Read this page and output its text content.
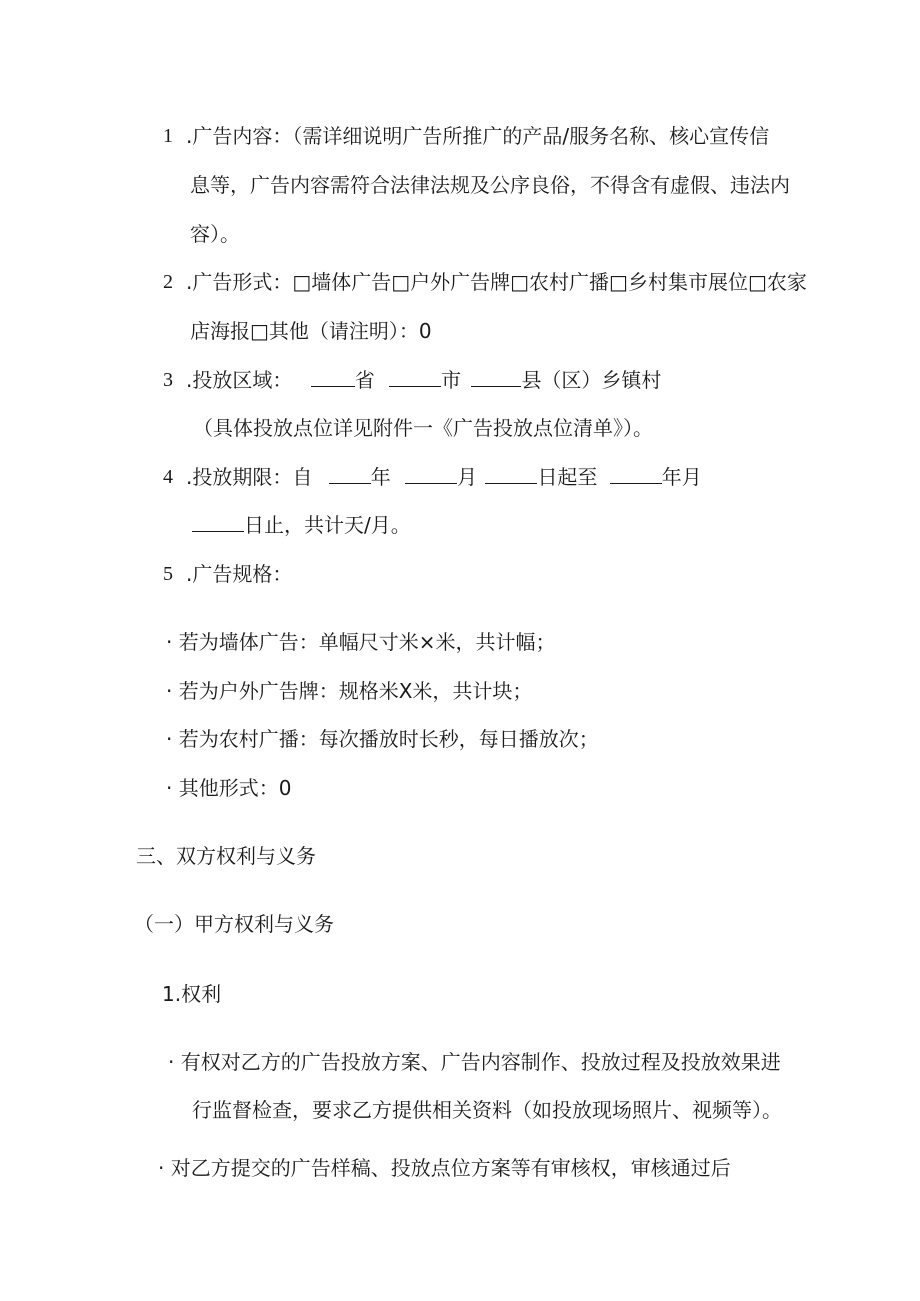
1 .广告内容：（需详细说明广告所推广的产品/服务名称、核心宣传信
息等，广告内容需符合法律法规及公序良俗，不得含有虚假、违法内
容）。
2 .广告形式：□墙体广告□户外广告牌□农村广播□乡村集市展位□农家
店海报□其他（请注明）：0
3 .投放区域：	省	市	县（区）乡镇村
（具体投放点位详见附件一《广告投放点位清单》）。
4 .投放期限：自	年	月	日起至	年月
日止，共计天/月。
5 .广告规格：
· 若为墙体广告：单幅尺寸米×米，共计幅；
· 若为户外广告牌：规格米X米，共计块；
· 若为农村广播：每次播放时长秒，每日播放次；
· 其他形式：0
三、双方权利与义务
（一）甲方权利与义务
1.权利
· 有权对乙方的广告投放方案、广告内容制作、投放过程及投放效果进
行监督检查，要求乙方提供相关资料（如投放现场照片、视频等）。
· 对乙方提交的广告样稿、投放点位方案等有审核权，审核通过后
